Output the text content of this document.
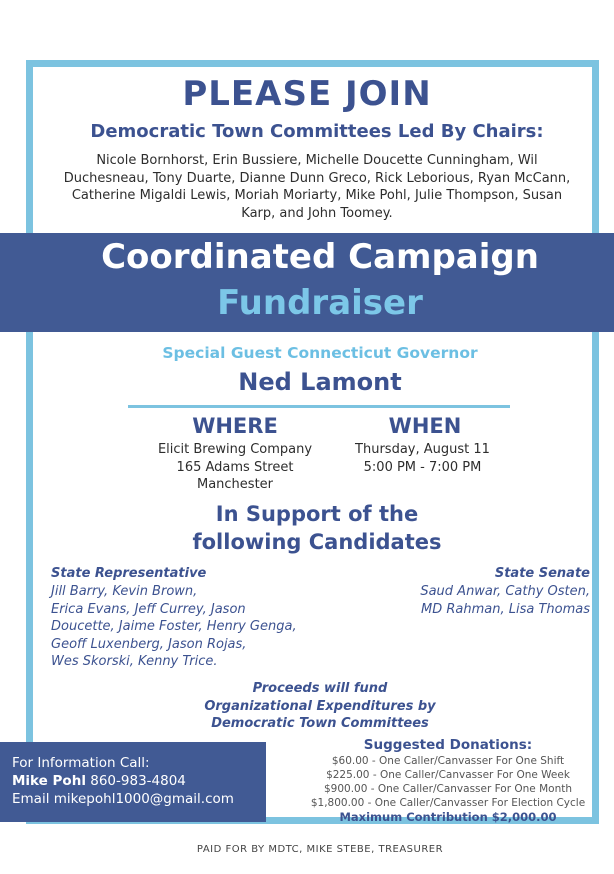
PLEASE JOIN
Democratic Town Committees Led By Chairs:

Nicole Bornhorst, Erin Bussiere, Michelle Doucette Cunningham, Wil Duchesneau, Tony Duarte, Dianne Dunn Greco, Rick Leborious, Ryan McCann, Catherine Migaldi Lewis, Moriah Moriarty, Mike Pohl, Julie Thompson, Susan Karp, and John Toomey.

Coordinated Campaign
Fundraiser
Special Guest Connecticut Governor
Ned Lamont
WHERE	WHEN
Elicit Brewing Company
165 Adams Street
Manchester
Thursday, August 11
5:00 PM - 7:00 PM
In Support of the
following Candidates
State Representative
Jill Barry, Kevin Brown,
Erica Evans, Jeff Currey, Jason
Doucette, Jaime Foster, Henry Genga,
Geoff Luxenberg, Jason Rojas,
Wes Skorski, Kenny Trice.
State Senate
Saud Anwar, Cathy Osten,
MD Rahman, Lisa Thomas
Proceeds will fund
Organizational Expenditures by
Democratic Town Committees
For Information Call:
Mike Pohl 860-983-4804
Email mikepohl1000@gmail.com
Suggested Donations:
$60.00 - One Caller/Canvasser For One Shift
$225.00 - One Caller/Canvasser For One Week
$900.00 - One Caller/Canvasser For One Month
$1,800.00 - One Caller/Canvasser For Election Cycle
Maximum Contribution $2,000.00
PAID FOR BY MDTC, MIKE STEBE, TREASURER
